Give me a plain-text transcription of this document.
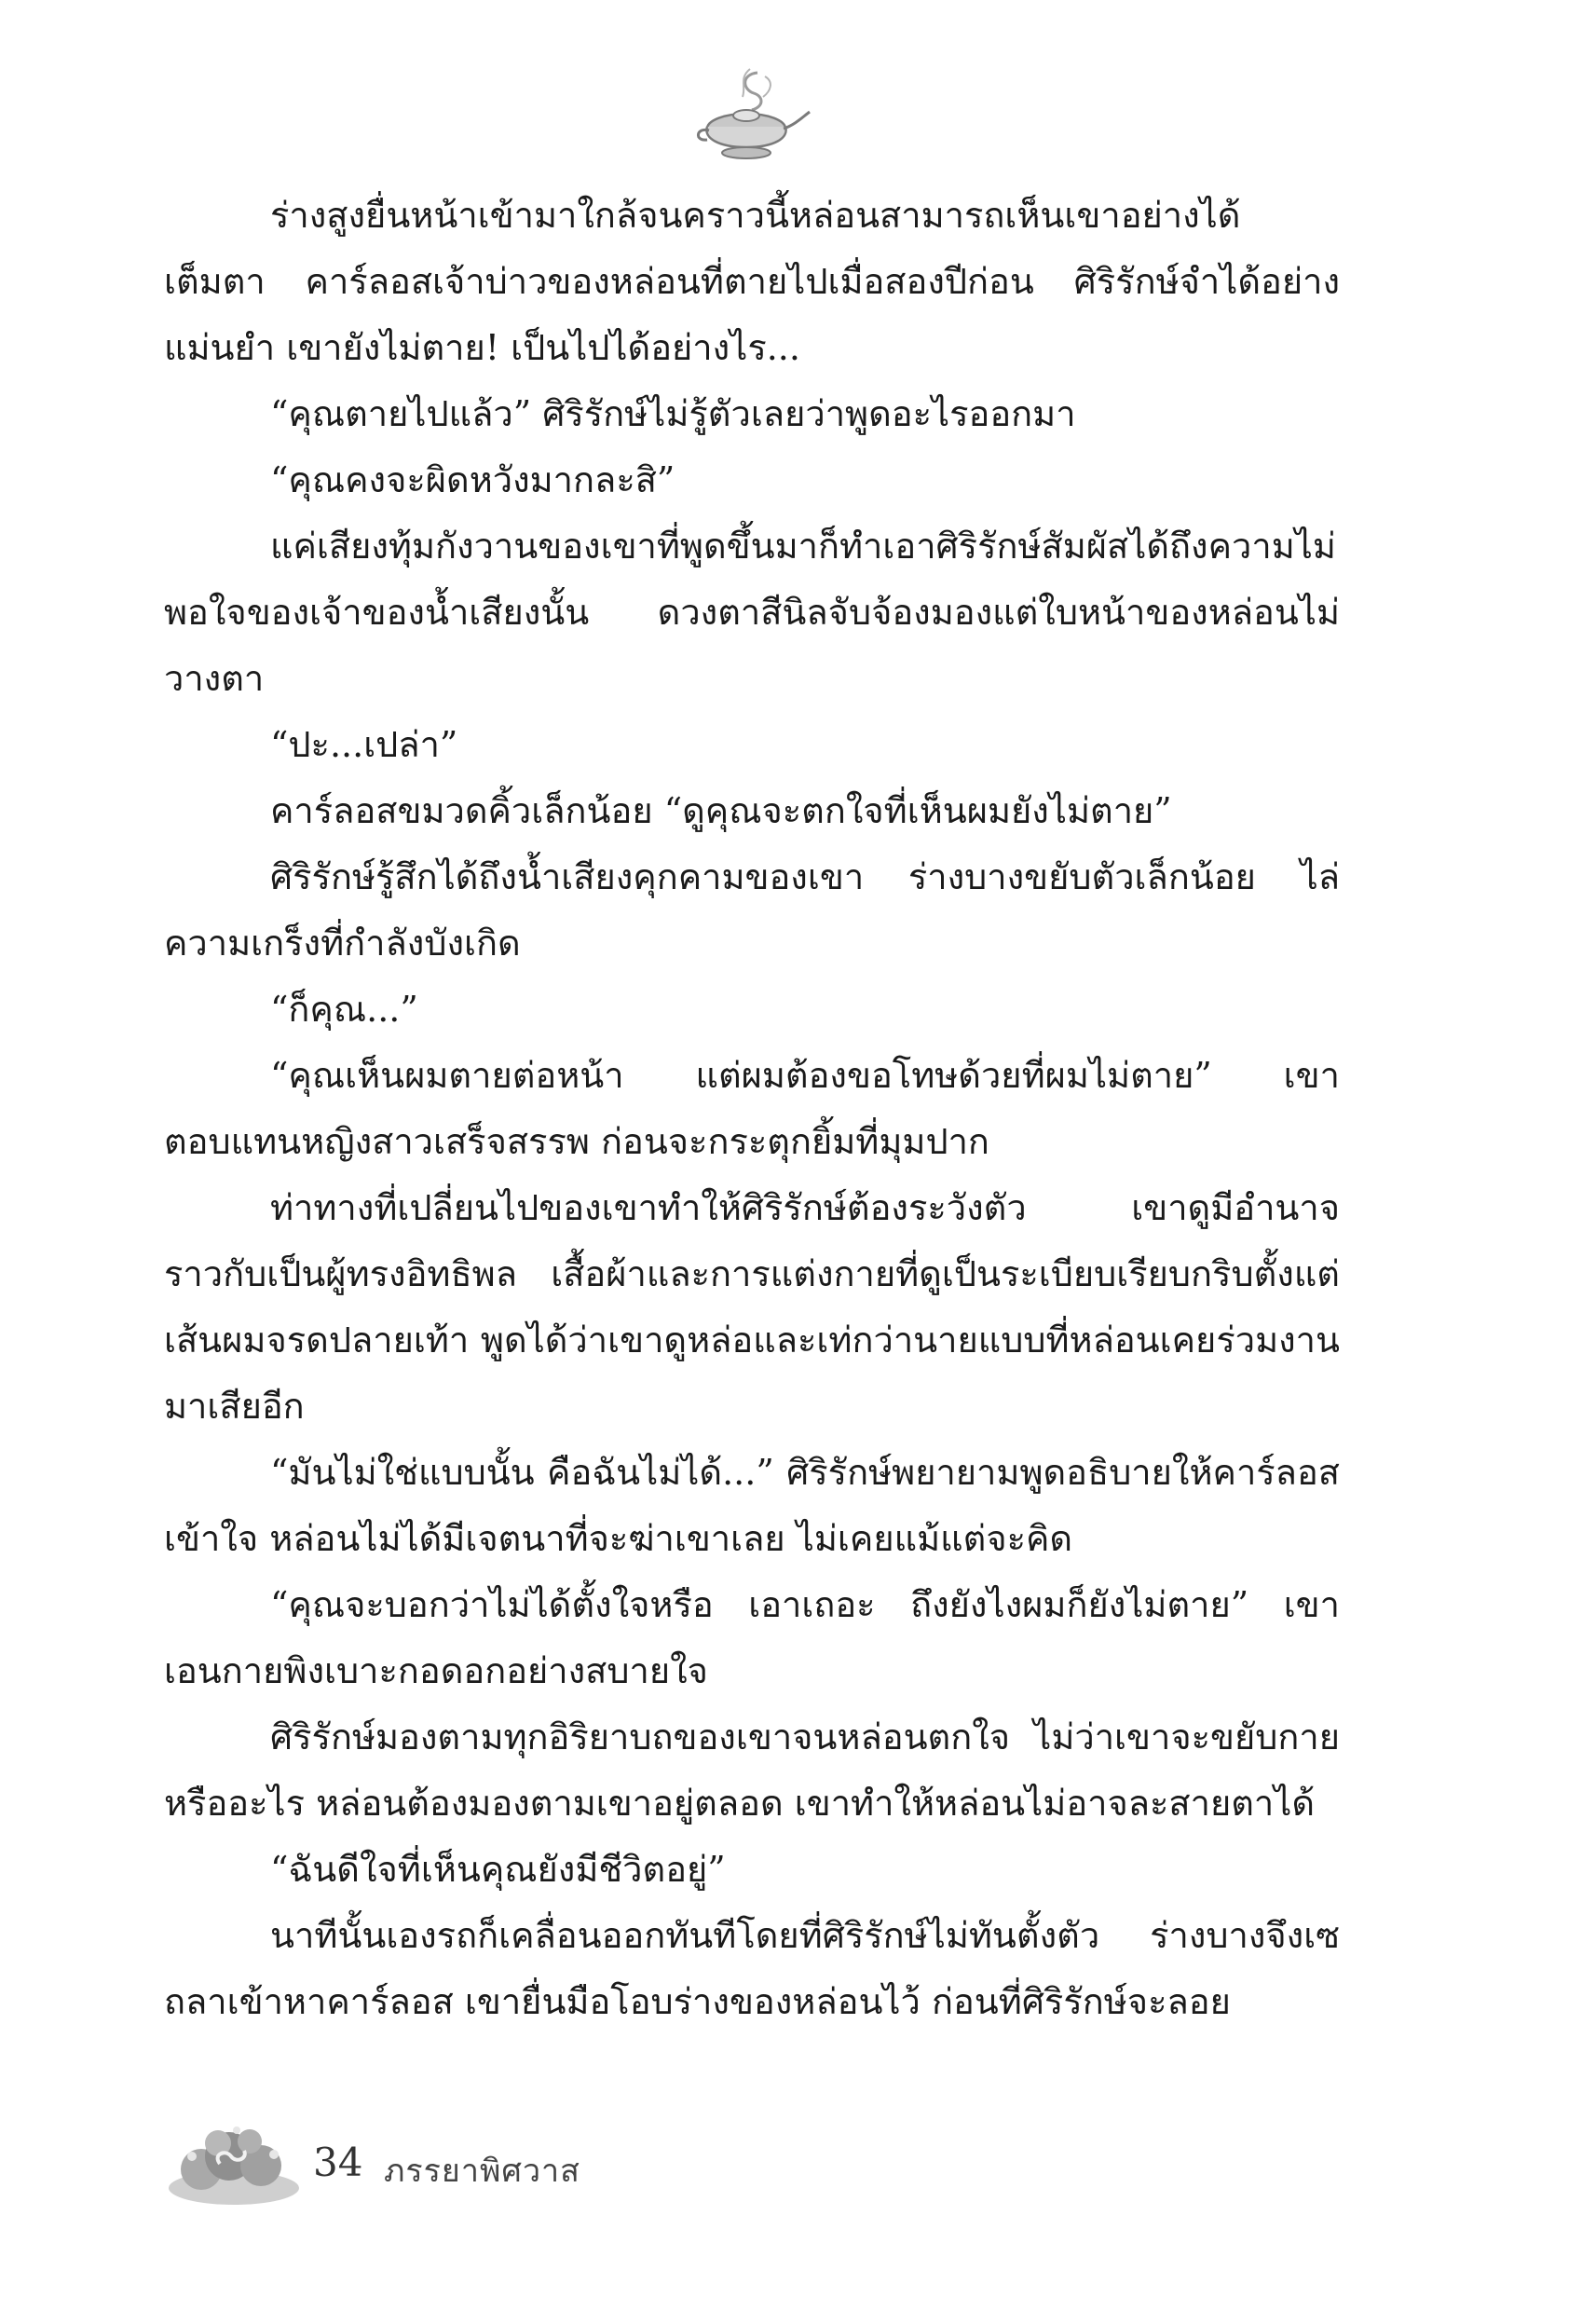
ร่างสูงยื่นหน้าเข้ามาใกล้จนคราวนี้หล่อนสามารถเห็นเขาอย่างได้เต็มตา คาร์ลอสเจ้าบ่าวของหล่อนที่ตายไปเมื่อสองปีก่อน ศิริรักษ์จำได้อย่างแม่นยำ เขายังไม่ตาย! เป็นไปได้อย่างไร...

“คุณตายไปแล้ว” ศิริรักษ์ไม่รู้ตัวเลยว่าพูดอะไรออกมา

“คุณคงจะผิดหวังมากละสิ”

แค่เสียงทุ้มกังวานของเขาที่พูดขึ้นมาก็ทำเอาศิริรักษ์สัมผัสได้ถึงความไม่พอใจของเจ้าของน้ำเสียงนั้น ดวงตาสีนิลจับจ้องมองแต่ใบหน้าของหล่อนไม่วางตา

“ปะ...เปล่า”

คาร์ลอสขมวดคิ้วเล็กน้อย “ดูคุณจะตกใจที่เห็นผมยังไม่ตาย”

ศิริรักษ์รู้สึกได้ถึงน้ำเสียงคุกคามของเขา ร่างบางขยับตัวเล็กน้อย ไล่ความเกร็งที่กำลังบังเกิด

“ก็คุณ...”

“คุณเห็นผมตายต่อหน้า แต่ผมต้องขอโทษด้วยที่ผมไม่ตาย” เขาตอบแทนหญิงสาวเสร็จสรรพ ก่อนจะกระตุกยิ้มที่มุมปาก

ท่าทางที่เปลี่ยนไปของเขาทำให้ศิริรักษ์ต้องระวังตัว เขาดูมีอำนาจราวกับเป็นผู้ทรงอิทธิพล เสื้อผ้าและการแต่งกายที่ดูเป็นระเบียบเรียบกริบตั้งแต่เส้นผมจรดปลายเท้า พูดได้ว่าเขาดูหล่อและเท่กว่านายแบบที่หล่อนเคยร่วมงานมาเสียอีก

“มันไม่ใช่แบบนั้น คือฉันไม่ได้...” ศิริรักษ์พยายามพูดอธิบายให้คาร์ลอสเข้าใจ หล่อนไม่ได้มีเจตนาที่จะฆ่าเขาเลย ไม่เคยแม้แต่จะคิด

“คุณจะบอกว่าไม่ได้ตั้งใจหรือ เอาเถอะ ถึงยังไงผมก็ยังไม่ตาย” เขาเอนกายพิงเบาะกอดอกอย่างสบายใจ

ศิริรักษ์มองตามทุกอิริยาบถของเขาจนหล่อนตกใจ ไม่ว่าเขาจะขยับกายหรืออะไร หล่อนต้องมองตามเขาอยู่ตลอด เขาทำให้หล่อนไม่อาจละสายตาได้

“ฉันดีใจที่เห็นคุณยังมีชีวิตอยู่”

นาทีนั้นเองรถก็เคลื่อนออกทันทีโดยที่ศิริรักษ์ไม่ทันตั้งตัว ร่างบางจึงเซถลาเข้าหาคาร์ลอส เขายื่นมือโอบร่างของหล่อนไว้ ก่อนที่ศิริรักษ์จะลอย

34 ภรรยาพิศวาส
